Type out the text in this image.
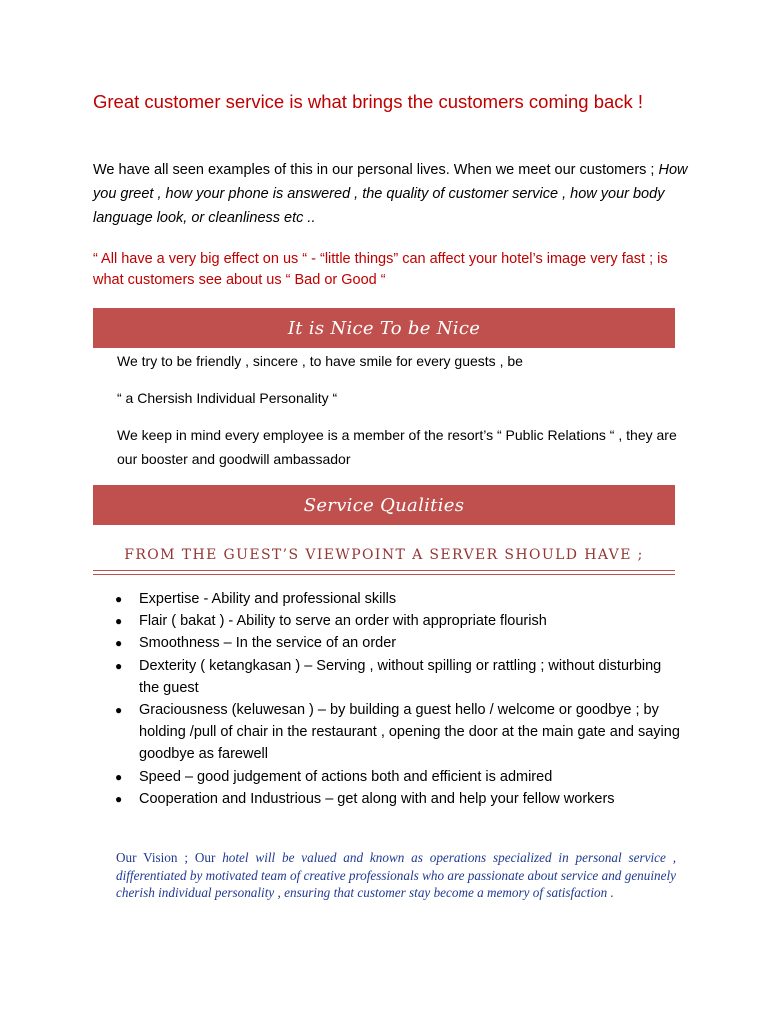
Great customer service is what brings the customers coming back !
We have all seen examples of this in our personal lives. When we meet our customers ; How you greet , how your phone is answered , the quality of customer service , how your body language look, or cleanliness etc ..
“ All have a very big effect on us “ - “little things” can affect your hotel’s image very fast ; is what customers see about us “ Bad or Good “
It is Nice To be Nice

We try to be friendly , sincere , to have smile for every guests , be

“ a Chersish Individual Personality “

We keep in mind every employee is a member of the resort’s “ Public Relations “ , they are our booster and goodwill ambassador

Service Qualities
FROM THE GUEST’S VIEWPOINT A SERVER SHOULD HAVE ;
● Expertise - Ability and professional skills
● Flair ( bakat ) - Ability to serve an order with appropriate flourish
● Smoothness – In the service of an order
● Dexterity ( ketangkasan ) – Serving , without spilling or rattling ; without disturbing the guest
● Graciousness (keluwesan ) – by building a guest hello / welcome or goodbye ; by holding /pull of chair in the restaurant , opening the door at the main gate and saying goodbye as farewell
● Speed – good judgement of actions both and efficient is admired
● Cooperation and Industrious – get along with and help your fellow workers
Our Vision ; Our hotel will be valued and known as operations specialized in personal service , differentiated by motivated team of creative professionals who are passionate about service and genuinely cherish individual personality , ensuring that customer stay become a memory of satisfaction .
